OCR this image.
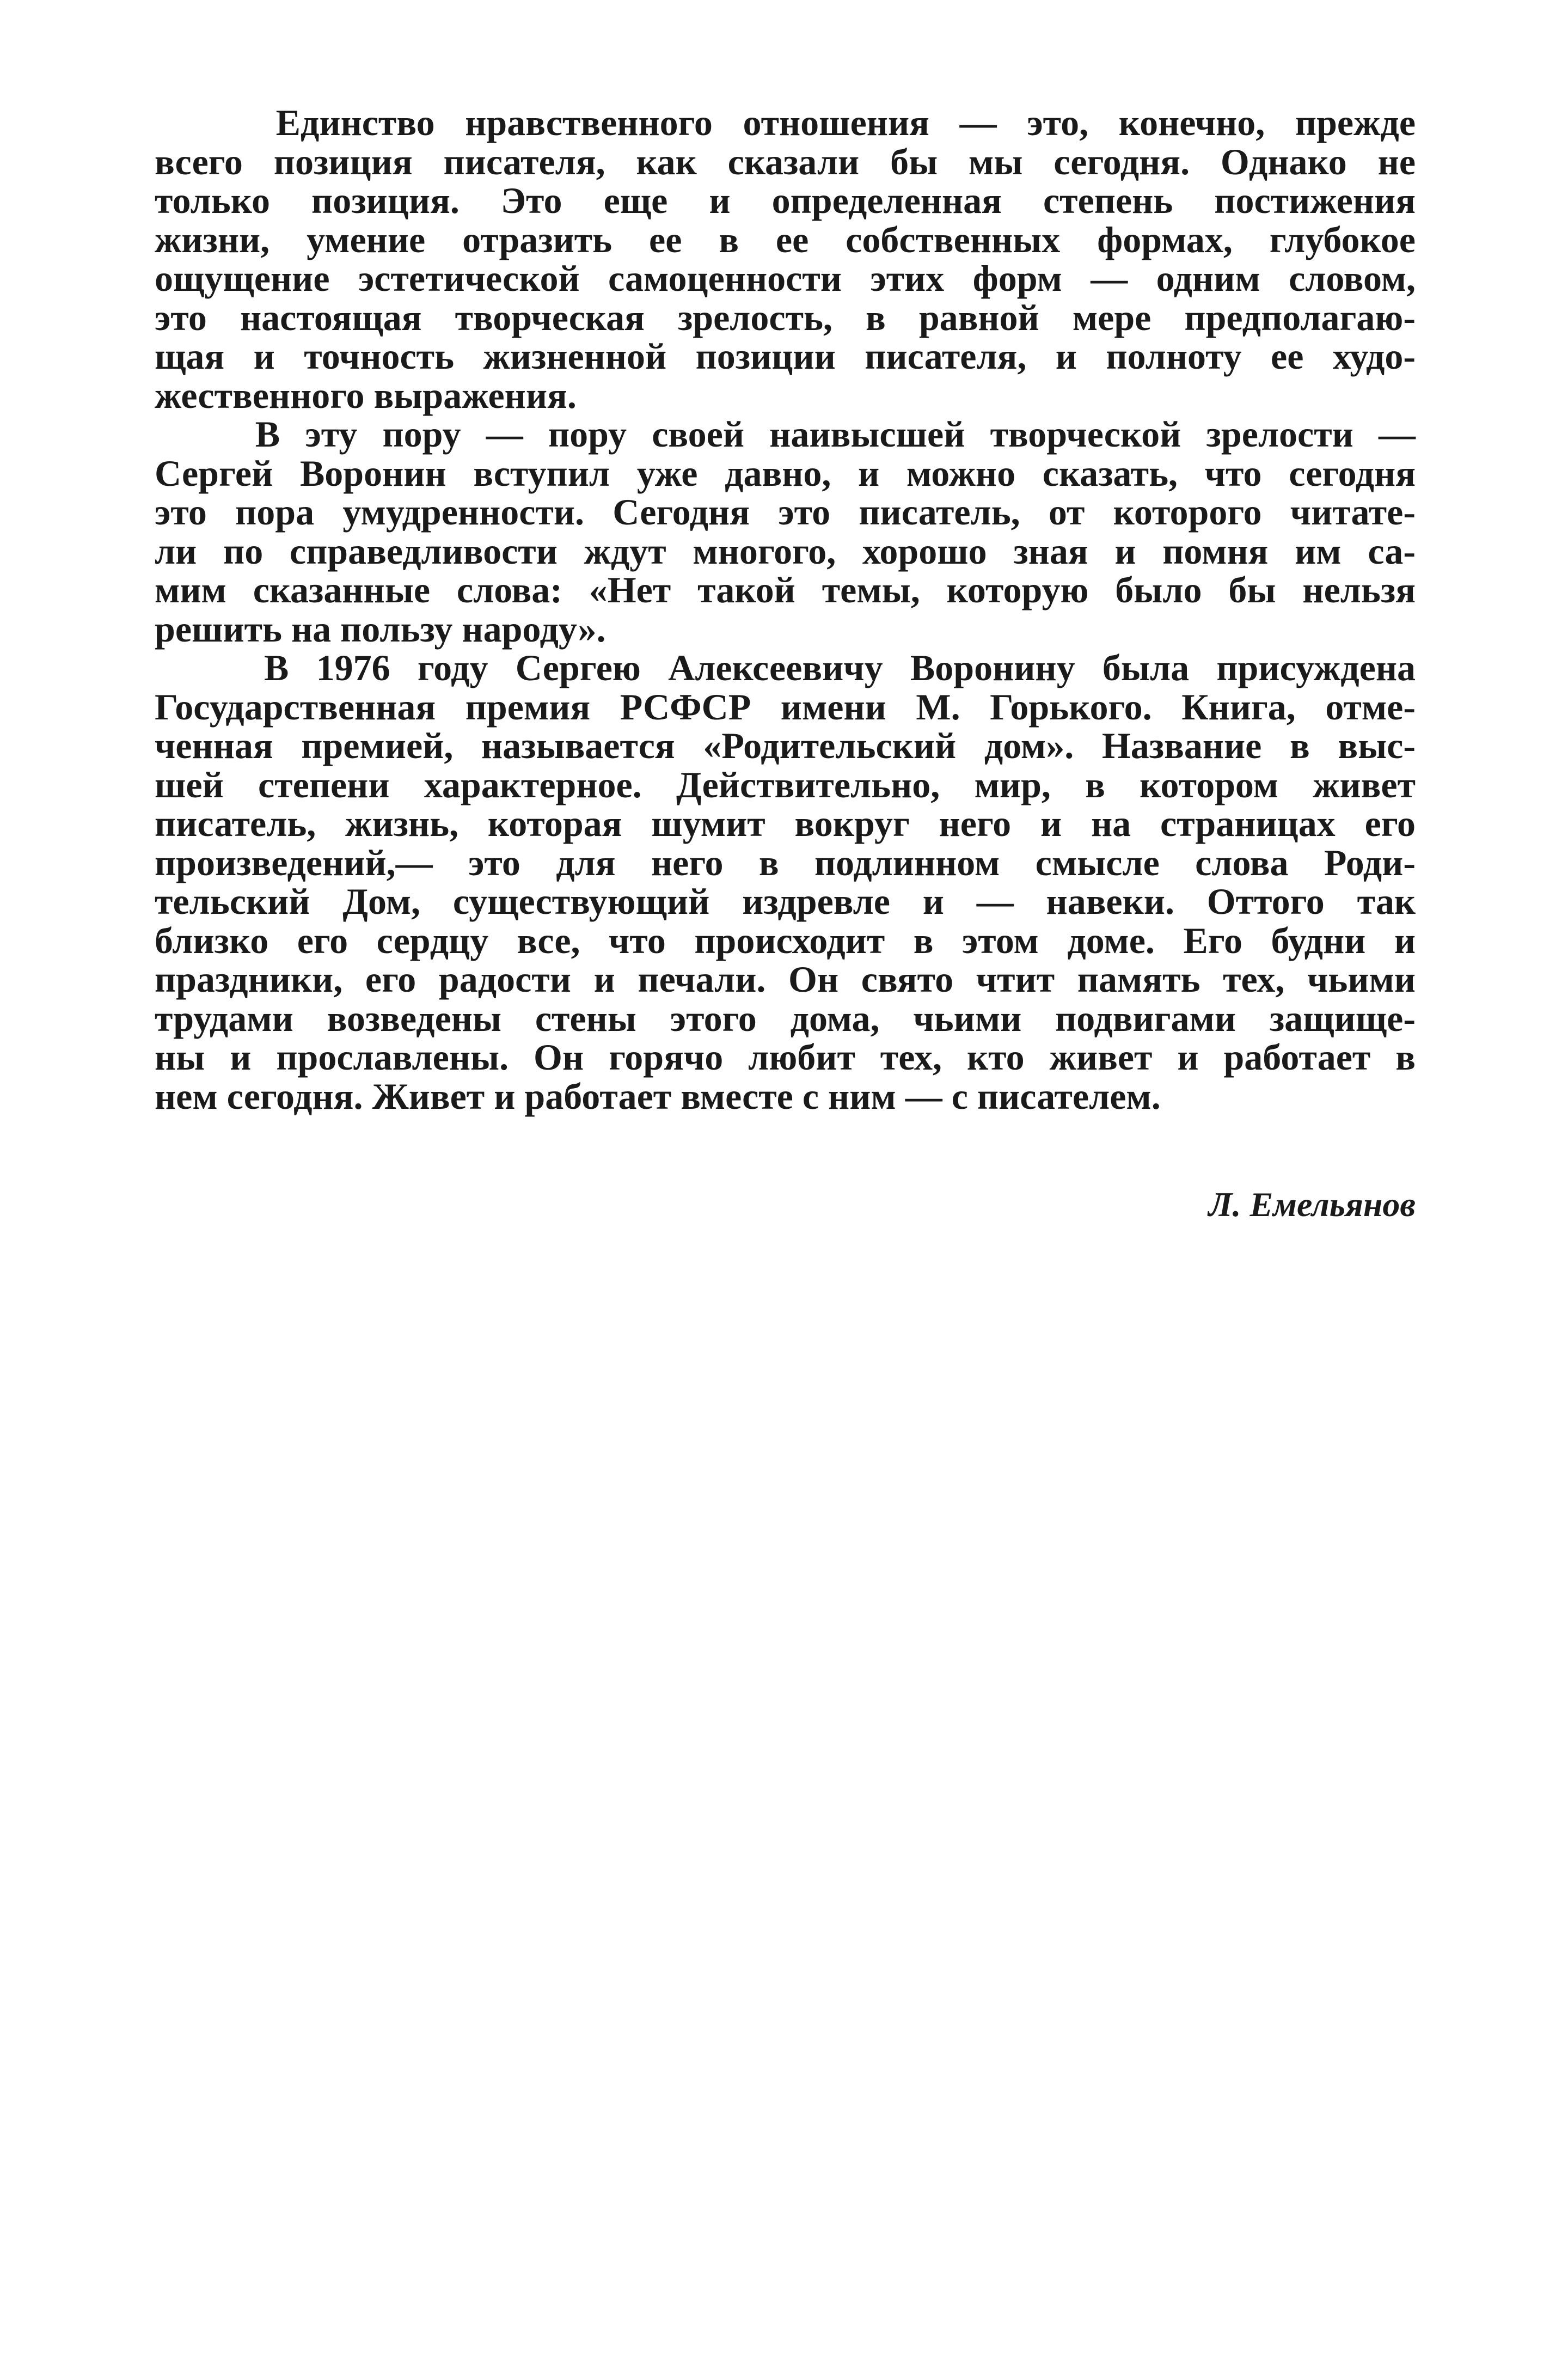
Единство нравственного отношения — это, конечно, прежде
всего позиция писателя, как сказали бы мы сегодня. Однако не
только позиция. Это еще и определенная степень постижения
жизни, умение отразить ее в ее собственных формах, глубокое
ощущение эстетической самоценности этих форм — одним словом,
это настоящая творческая зрелость, в равной мере предполагаю-
щая и точность жизненной позиции писателя, и полноту ее худо-
жественного выражения.
В эту пору — пору своей наивысшей творческой зрелости —
Сергей Воронин вступил уже давно, и можно сказать, что сегодня
это пора умудренности. Сегодня это писатель, от которого читате-
ли по справедливости ждут многого, хорошо зная и помня им са-
мим сказанные слова: «Нет такой темы, которую было бы нельзя
решить на пользу народу».
В 1976 году Сергею Алексеевичу Воронину была присуждена
Государственная премия РСФСР имени М. Горького. Книга, отме-
ченная премией, называется «Родительский дом». Название в выс-
шей степени характерное. Действительно, мир, в котором живет
писатель, жизнь, которая шумит вокруг него и на страницах его
произведений,— это для него в подлинном смысле слова Роди-
тельский Дом, существующий издревле и — навеки. Оттого так
близко его сердцу все, что происходит в этом доме. Его будни и
праздники, его радости и печали. Он свято чтит память тех, чьими
трудами возведены стены этого дома, чьими подвигами защище-
ны и прославлены. Он горячо любит тех, кто живет и работает в
нем сегодня. Живет и работает вместе с ним — с писателем.
Л. Емельянов
